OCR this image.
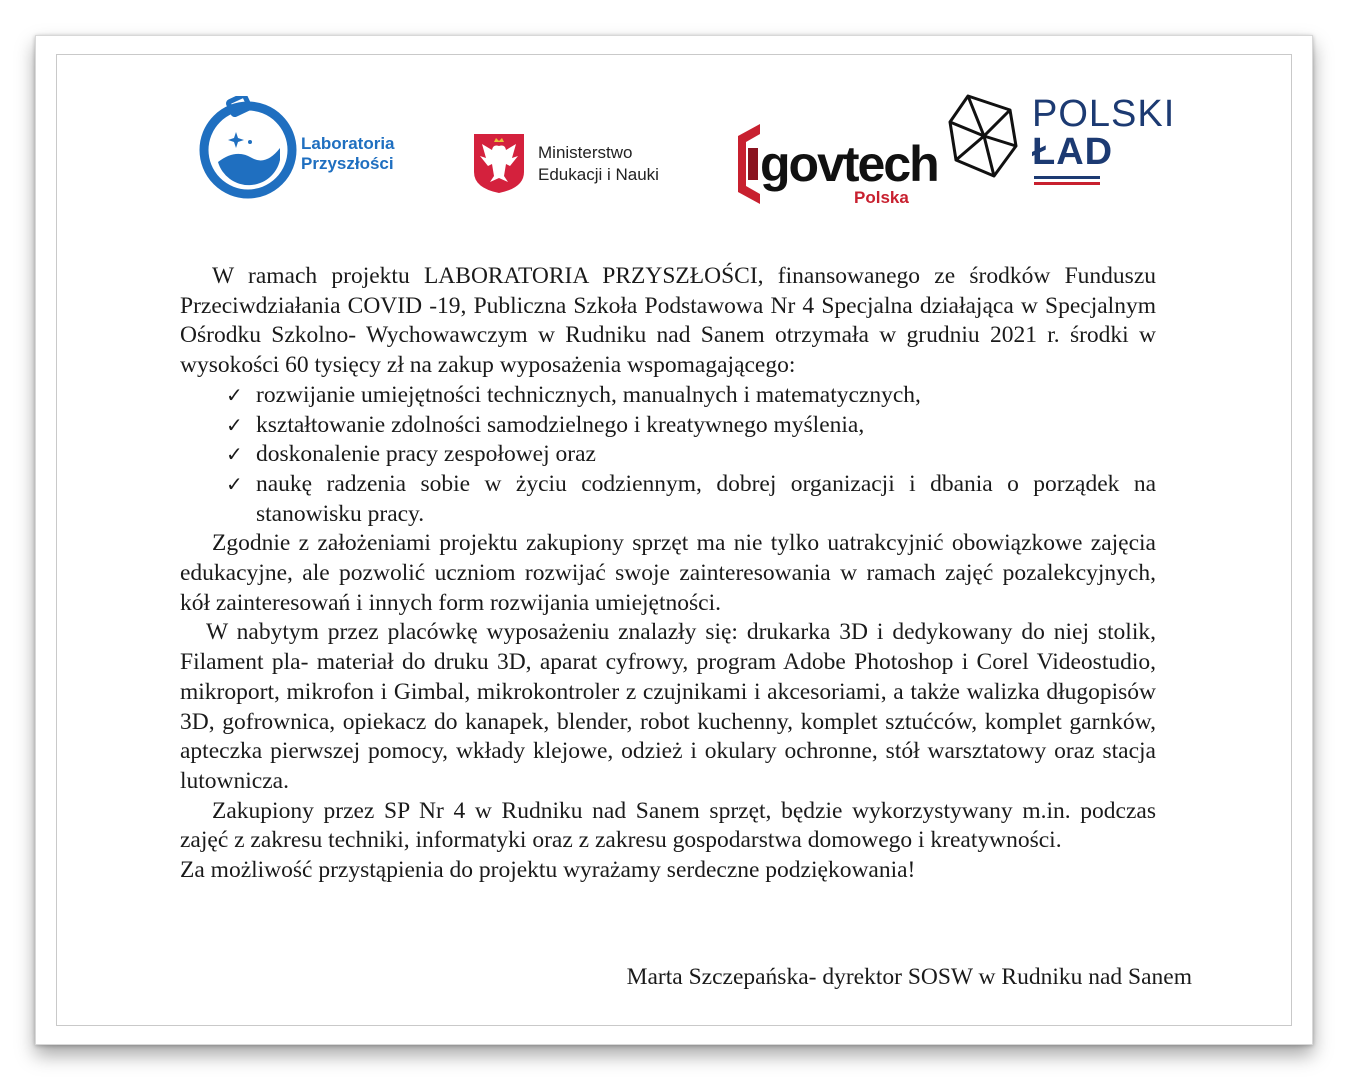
Laboratoria
Przyszłości
Ministerstwo
Edukacji i Nauki govtech
Polska
POLSKI
ŁAD

W ramach projektu LABORATORIA PRZYSZŁOŚCI, finansowanego ze środków Funduszu Przeciwdziałania COVID -19, Publiczna Szkoła Podstawowa Nr 4 Specjalna działająca w Specjalnym Ośrodku Szkolno- Wychowawczym w Rudniku nad Sanem otrzymała w grudniu 2021 r. środki w wysokości 60 tysięcy zł na zakup wyposażenia wspomagającego:

✓ rozwijanie umiejętności technicznych, manualnych i matematycznych,
✓ kształtowanie zdolności samodzielnego i kreatywnego myślenia,
✓ doskonalenie pracy zespołowej oraz
✓ naukę radzenia sobie w życiu codziennym, dobrej organizacji i dbania o porządek na stanowisku pracy.

Zgodnie z założeniami projektu zakupiony sprzęt ma nie tylko uatrakcyjnić obowiązkowe zajęcia edukacyjne, ale pozwolić uczniom rozwijać swoje zainteresowania w ramach zajęć pozalekcyjnych, kół zainteresowań i innych form rozwijania umiejętności.

W nabytym przez placówkę wyposażeniu znalazły się: drukarka 3D i dedykowany do niej stolik, Filament pla- materiał do druku 3D, aparat cyfrowy, program Adobe Photoshop i Corel Videostudio, mikroport, mikrofon i Gimbal, mikrokontroler z czujnikami i akcesoriami, a także walizka długopisów 3D, gofrownica, opiekacz do kanapek, blender, robot kuchenny, komplet sztućców, komplet garnków, apteczka pierwszej pomocy, wkłady klejowe, odzież i okulary ochronne, stół warsztatowy oraz stacja lutownicza.

Zakupiony przez SP Nr 4 w Rudniku nad Sanem sprzęt, będzie wykorzystywany m.in. podczas zajęć z zakresu techniki, informatyki oraz z zakresu gospodarstwa domowego i kreatywności.

Za możliwość przystąpienia do projektu wyrażamy serdeczne podziękowania!

Marta Szczepańska- dyrektor SOSW w Rudniku nad Sanem
